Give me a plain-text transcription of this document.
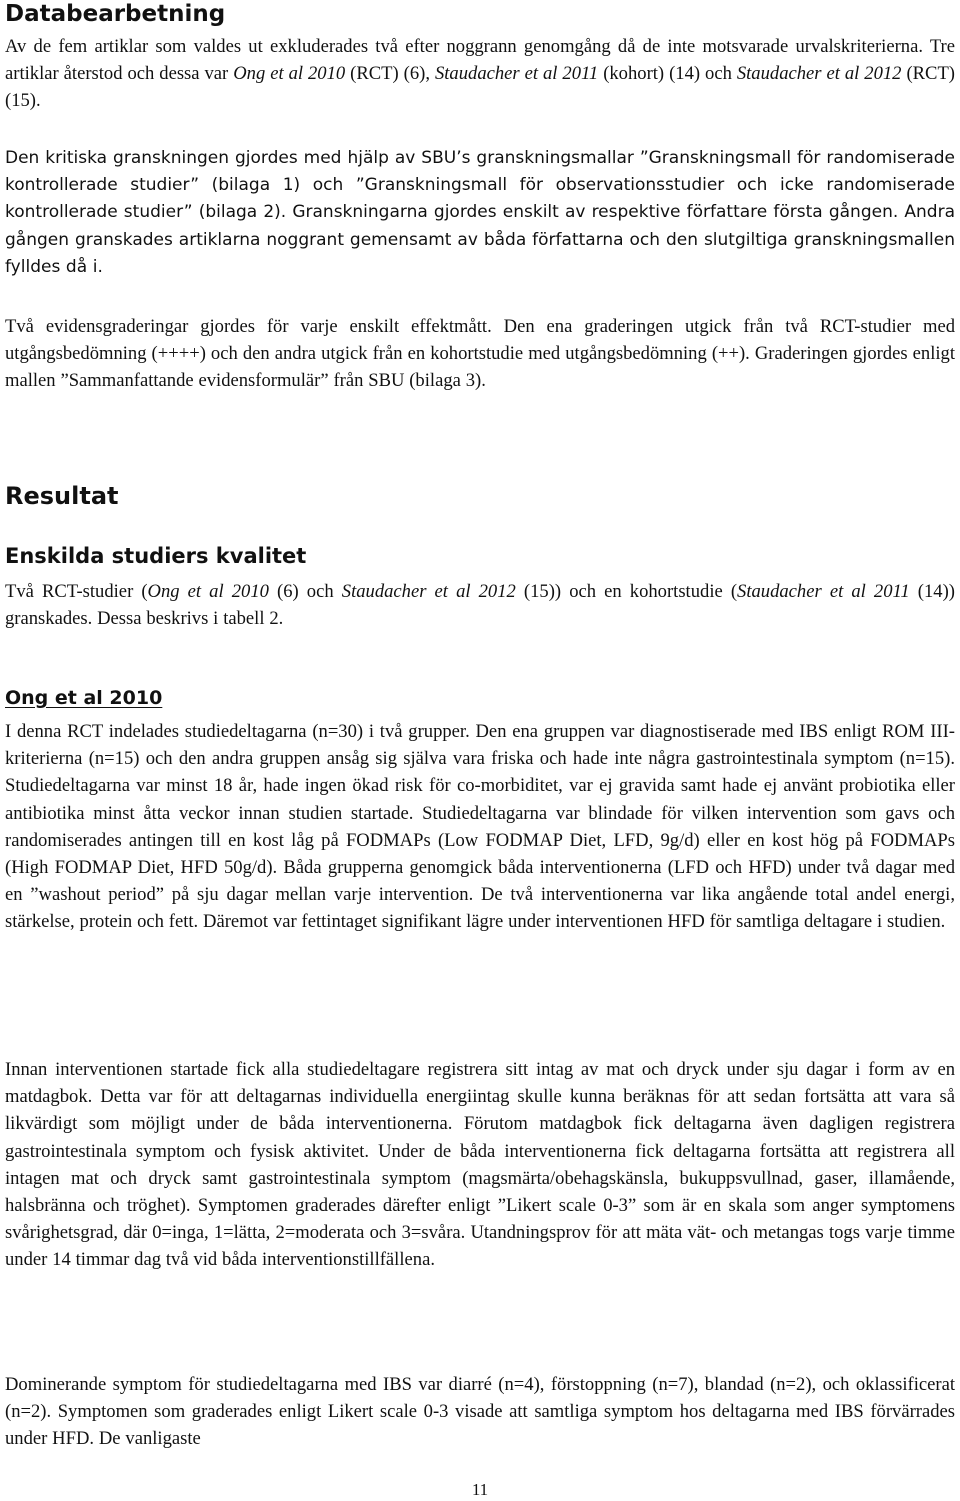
Databearbetning

Av de fem artiklar som valdes ut exkluderades två efter noggrann genomgång då de inte motsvarade urvalskriterierna. Tre artiklar återstod och dessa var Ong et al 2010 (RCT) (6), Staudacher et al 2011 (kohort) (14) och Staudacher et al 2012 (RCT) (15).

Den kritiska granskningen gjordes med hjälp av SBU’s granskningsmallar ”Granskningsmall för randomiserade kontrollerade studier” (bilaga 1) och ”Granskningsmall för observationsstudier och icke randomiserade kontrollerade studier” (bilaga 2). Granskningarna gjordes enskilt av respektive författare första gången. Andra gången granskades artiklarna noggrant gemensamt av båda författarna och den slutgiltiga granskningsmallen fylldes då i.

Två evidensgraderingar gjordes för varje enskilt effektmått. Den ena graderingen utgick från två RCT-studier med utgångsbedömning (++++) och den andra utgick från en kohortstudie med utgångsbedömning (++). Graderingen gjordes enligt mallen ”Sammanfattande evidensformulär” från SBU (bilaga 3).

Resultat
Enskilda studiers kvalitet

Två RCT-studier (Ong et al 2010 (6) och Staudacher et al 2012 (15)) och en kohortstudie (Staudacher et al 2011 (14)) granskades. Dessa beskrivs i tabell 2.

Ong et al 2010

I denna RCT indelades studiedeltagarna (n=30) i två grupper. Den ena gruppen var diagnostiserade med IBS enligt ROM III-kriterierna (n=15) och den andra gruppen ansåg sig själva vara friska och hade inte några gastrointestinala symptom (n=15). Studiedeltagarna var minst 18 år, hade ingen ökad risk för co-morbiditet, var ej gravida samt hade ej använt probiotika eller antibiotika minst åtta veckor innan studien startade. Studiedeltagarna var blindade för vilken intervention som gavs och randomiserades antingen till en kost låg på FODMAPs (Low FODMAP Diet, LFD, 9g/d) eller en kost hög på FODMAPs (High FODMAP Diet, HFD 50g/d). Båda grupperna genomgick båda interventionerna (LFD och HFD) under två dagar med en ”washout period” på sju dagar mellan varje intervention. De två interventionerna var lika angående total andel energi, stärkelse, protein och fett. Däremot var fettintaget signifikant lägre under interventionen HFD för samtliga deltagare i studien.

Innan interventionen startade fick alla studiedeltagare registrera sitt intag av mat och dryck under sju dagar i form av en matdagbok. Detta var för att deltagarnas individuella energiintag skulle kunna beräknas för att sedan fortsätta att vara så likvärdigt som möjligt under de båda interventionerna. Förutom matdagbok fick deltagarna även dagligen registrera gastrointestinala symptom och fysisk aktivitet. Under de båda interventionerna fick deltagarna fortsätta att registrera all intagen mat och dryck samt gastrointestinala symptom (magsmärta/obehagskänsla, bukuppsvullnad, gaser, illamående, halsbränna och tröghet). Symptomen graderades därefter enligt ”Likert scale 0-3” som är en skala som anger symptomens svårighetsgrad, där 0=inga, 1=lätta, 2=moderata och 3=svåra. Utandningsprov för att mäta vät- och metangas togs varje timme under 14 timmar dag två vid båda interventionstillfällena.

Dominerande symptom för studiedeltagarna med IBS var diarré (n=4), förstoppning (n=7), blandad (n=2), och oklassificerat (n=2). Symptomen som graderades enligt Likert scale 0-3 visade att samtliga symptom hos deltagarna med IBS förvärrades under HFD. De vanligaste

11
